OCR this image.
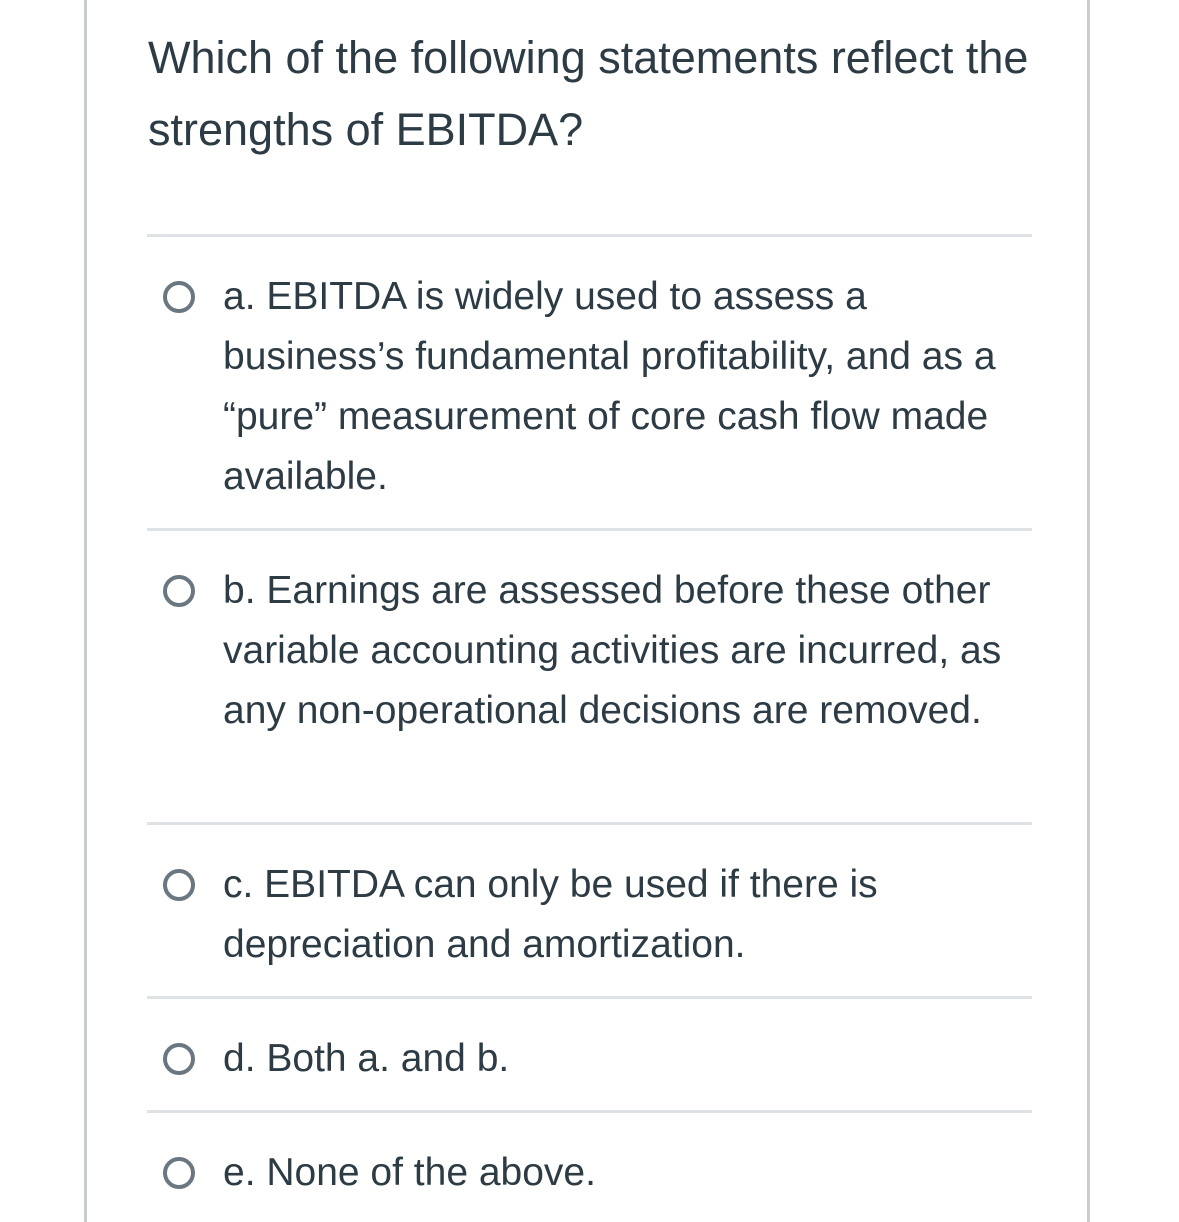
Which of the following statements reflect the strengths of EBITDA?
a. EBITDA is widely used to assess a business’s fundamental profitability, and as a “pure” measurement of core cash flow made available.
b. Earnings are assessed before these other variable accounting activities are incurred, as any non-operational decisions are removed.
c. EBITDA can only be used if there is depreciation and amortization.
d. Both a. and b.
e. None of the above.
